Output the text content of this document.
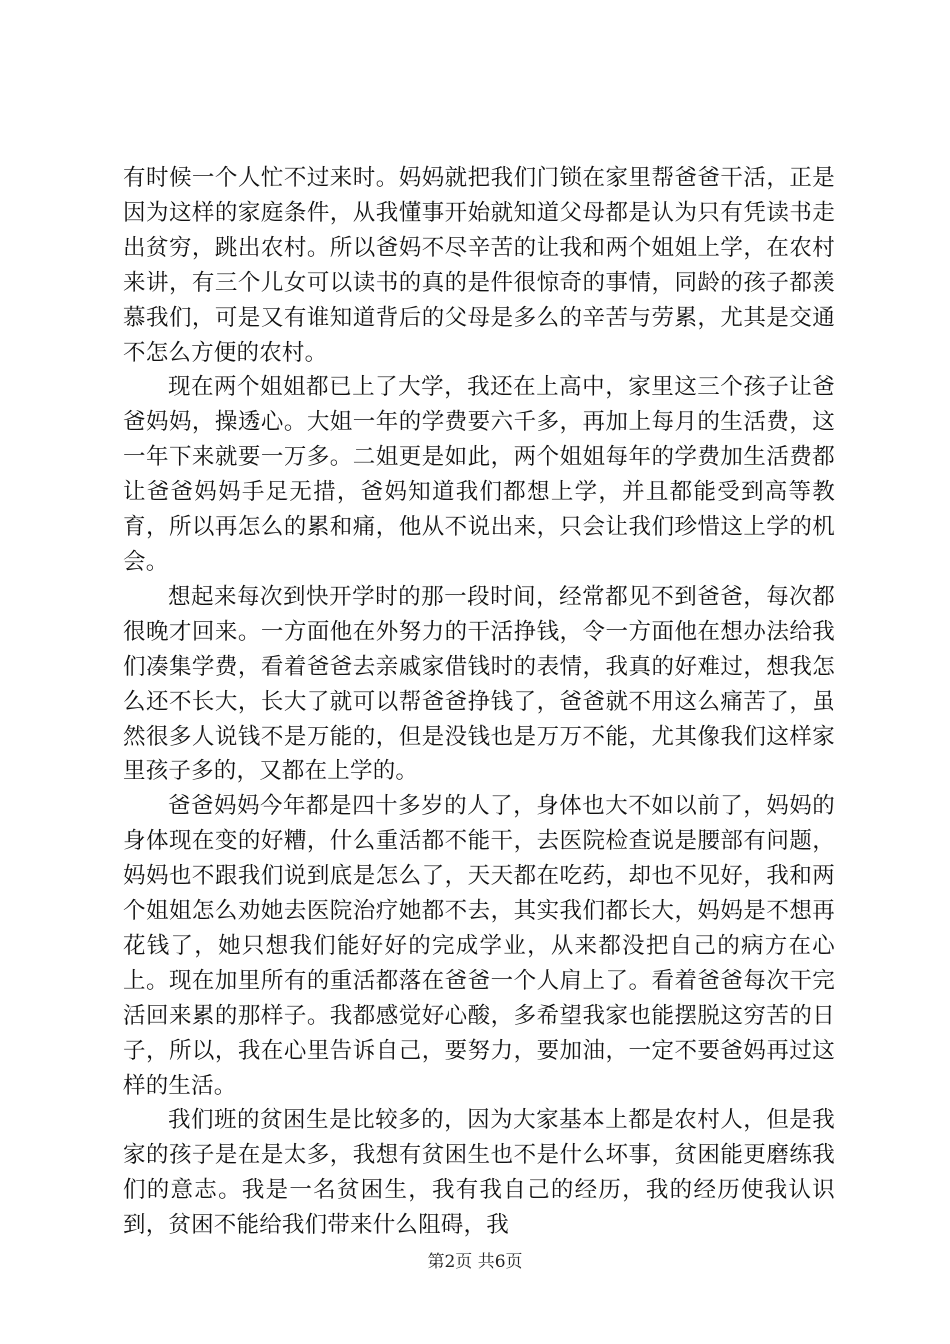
有时候一个人忙不过来时。妈妈就把我们门锁在家里帮爸爸干活，正是因为这样的家庭条件，从我懂事开始就知道父母都是认为只有凭读书走出贫穷，跳出农村。所以爸妈不尽辛苦的让我和两个姐姐上学，在农村来讲，有三个儿女可以读书的真的是件很惊奇的事情，同龄的孩子都羡慕我们，可是又有谁知道背后的父母是多么的辛苦与劳累，尤其是交通不怎么方便的农村。

现在两个姐姐都已上了大学，我还在上高中，家里这三个孩子让爸爸妈妈，操透心。大姐一年的学费要六千多，再加上每月的生活费，这一年下来就要一万多。二姐更是如此，两个姐姐每年的学费加生活费都让爸爸妈妈手足无措，爸妈知道我们都想上学，并且都能受到高等教育，所以再怎么的累和痛，他从不说出来，只会让我们珍惜这上学的机会。

想起来每次到快开学时的那一段时间，经常都见不到爸爸，每次都很晚才回来。一方面他在外努力的干活挣钱，令一方面他在想办法给我们凑集学费，看着爸爸去亲戚家借钱时的表情，我真的好难过，想我怎么还不长大，长大了就可以帮爸爸挣钱了，爸爸就不用这么痛苦了，虽然很多人说钱不是万能的，但是没钱也是万万不能，尤其像我们这样家里孩子多的，又都在上学的。

爸爸妈妈今年都是四十多岁的人了，身体也大不如以前了，妈妈的身体现在变的好糟，什么重活都不能干，去医院检查说是腰部有问题，妈妈也不跟我们说到底是怎么了，天天都在吃药，却也不见好，我和两个姐姐怎么劝她去医院治疗她都不去，其实我们都长大，妈妈是不想再花钱了，她只想我们能好好的完成学业，从来都没把自己的病方在心上。现在加里所有的重活都落在爸爸一个人肩上了。看着爸爸每次干完活回来累的那样子。我都感觉好心酸，多希望我家也能摆脱这穷苦的日子，所以，我在心里告诉自己，要努力，要加油，一定不要爸妈再过这样的生活。

我们班的贫困生是比较多的，因为大家基本上都是农村人，但是我家的孩子是在是太多，我想有贫困生也不是什么坏事，贫困能更磨练我们的意志。我是一名贫困生，我有我自己的经历，我的经历使我认识到，贫困不能给我们带来什么阻碍，我

第2页 共6页
